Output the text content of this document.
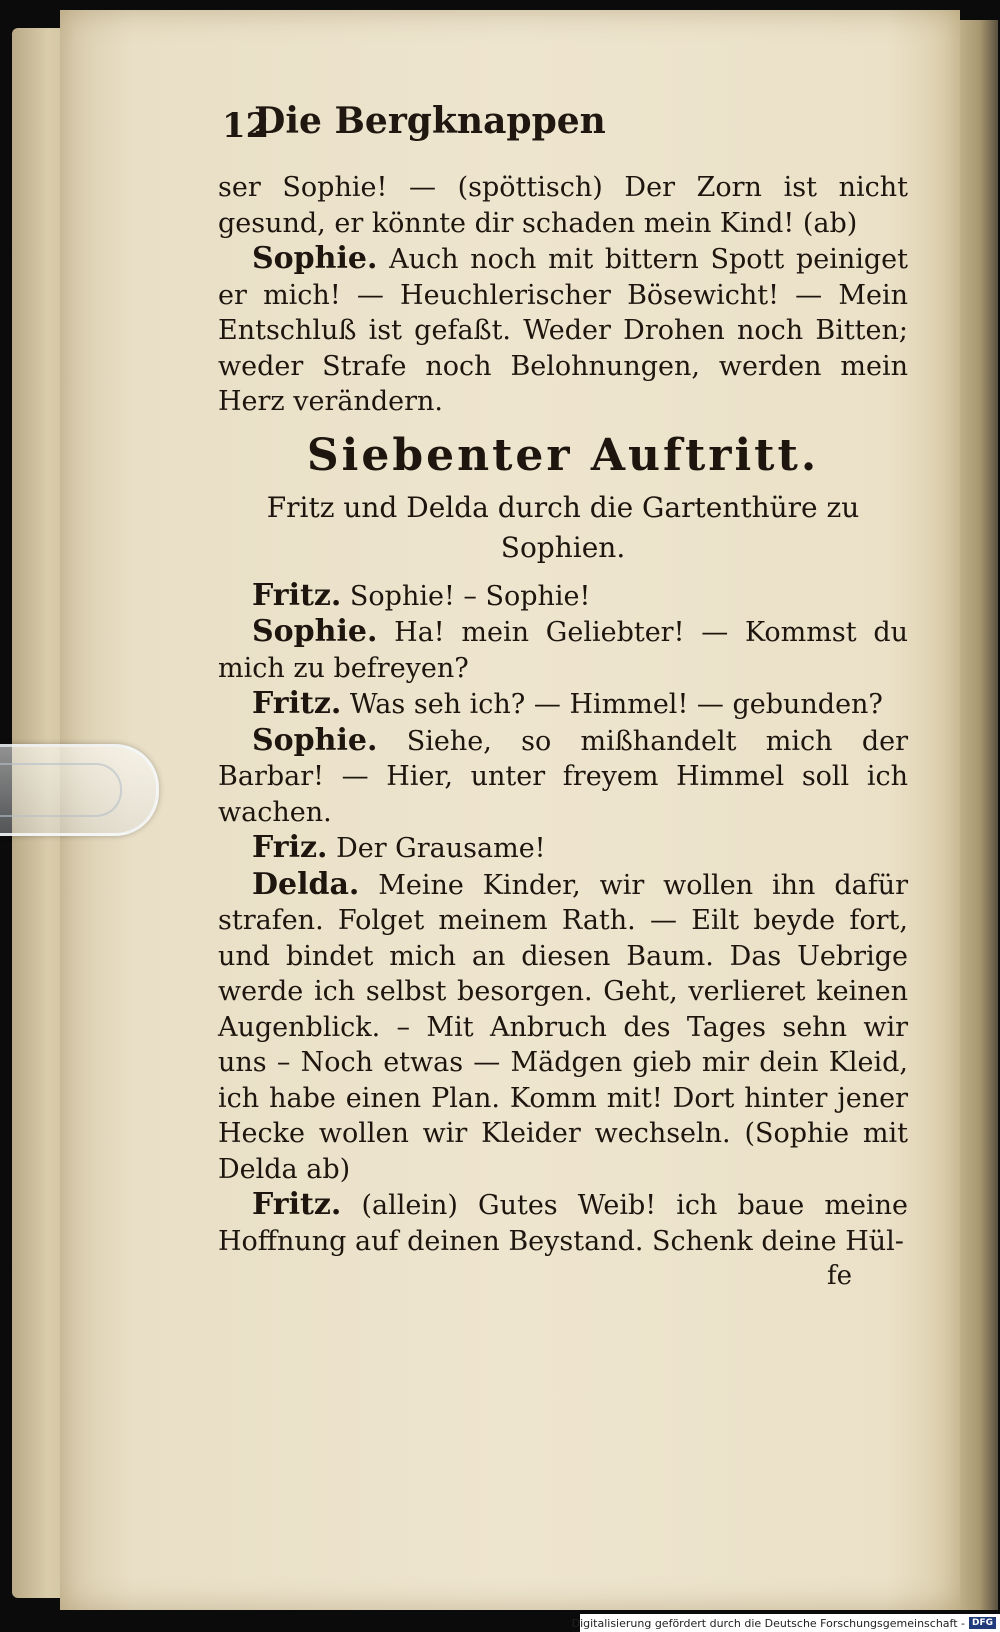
12
Die Bergknappen

ser Sophie! — (spöttisch) Der Zorn ist nicht gesund, er könnte dir schaden mein Kind! (ab)

Sophie. Auch noch mit bittern Spott peiniget er mich! — Heuchlerischer Bösewicht! — Mein Entschluß ist gefaßt. Weder Drohen noch Bitten; weder Strafe noch Belohnungen, werden mein Herz verändern.

Siebenter Auftritt.

Fritz und Delda durch die Gartenthüre zu Sophien.

Fritz. Sophie! – Sophie!

Sophie. Ha! mein Geliebter! — Kommst du mich zu befreyen?

Fritz. Was seh ich? — Himmel! — gebunden?

Sophie. Siehe, so mißhandelt mich der Barbar! — Hier, unter freyem Himmel soll ich wachen.

Friz. Der Grausame!

Delda. Meine Kinder, wir wollen ihn dafür strafen. Folget meinem Rath. — Eilt beyde fort, und bindet mich an diesen Baum. Das Uebrige werde ich selbst besorgen. Geht, verlieret keinen Augenblick. – Mit Anbruch des Tages sehn wir uns – Noch etwas — Mädgen gieb mir dein Kleid, ich habe einen Plan. Komm mit! Dort hinter jener Hecke wollen wir Kleider wechseln. (Sophie mit Delda ab)

Fritz. (allein) Gutes Weib! ich baue meine Hoffnung auf deinen Beystand. Schenk deine Hül-

fe

Digitalisierung gefördert durch die Deutsche Forschungsgemeinschaft - DFG
